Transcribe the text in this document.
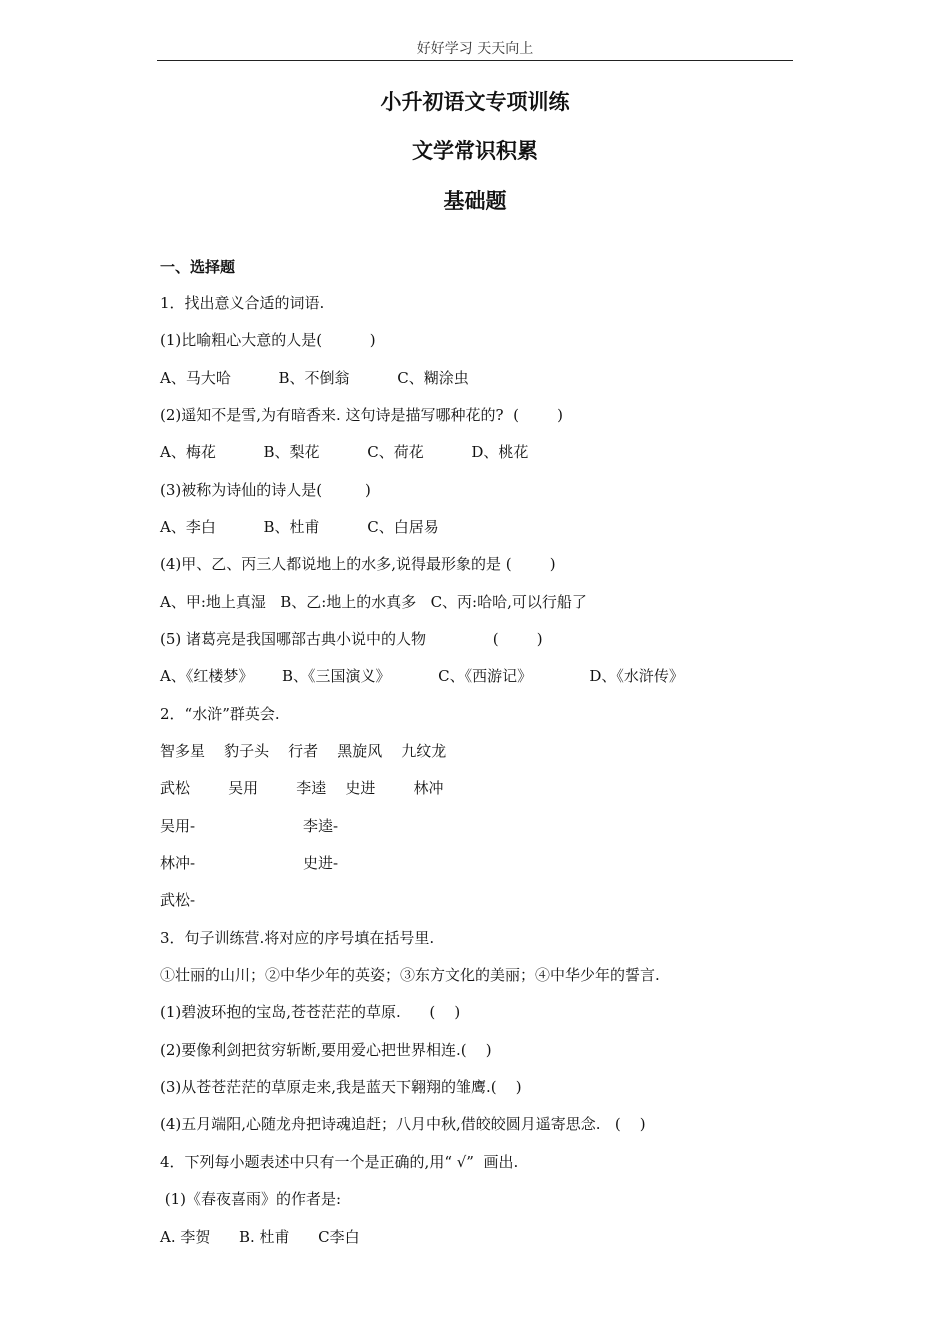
好好学习 天天向上
小升初语文专项训练
文学常识积累
基础题
一、选择题
1．找出意义合适的词语.
(1)比喻粗心大意的人是(          )
A、马大哈          B、不倒翁          C、糊涂虫
(2)遥知不是雪,为有暗香来. 这句诗是描写哪种花的?  (        )
A、梅花          B、梨花          C、荷花          D、桃花
(3)被称为诗仙的诗人是(         )
A、李白          B、杜甫          C、白居易
(4)甲、乙、丙三人都说地上的水多,说得最形象的是 (        )
A、甲:地上真湿   B、乙:地上的水真多   C、丙:哈哈,可以行船了
(5) 诸葛亮是我国哪部古典小说中的人物              (        )
A、《红楼梦》      B、《三国演义》          C、《西游记》            D、《水浒传》
2．“水浒”群英会.
智多星    豹子头    行者    黑旋风    九纹龙
武松        吴用        李逵    史进        林冲
吴用-	李逵-
林冲-	史进-
武松-
3．句子训练营.将对应的序号填在括号里.
①壮丽的山川；②中华少年的英姿；③东方文化的美丽；④中华少年的誓言.
(1)碧波环抱的宝岛,苍苍茫茫的草原.      (    )
(2)要像利剑把贫穷斩断,要用爱心把世界相连.(    )
(3)从苍苍茫茫的草原走来,我是蓝天下翱翔的雏鹰.(    )
(4)五月端阳,心随龙舟把诗魂追赶；八月中秋,借皎皎圆月遥寄思念.   (    )
4．下列每小题表述中只有一个是正确的,用“ √”  画出.
(1)《春夜喜雨》的作者是:
A. 李贺      B. 杜甫      C李白
